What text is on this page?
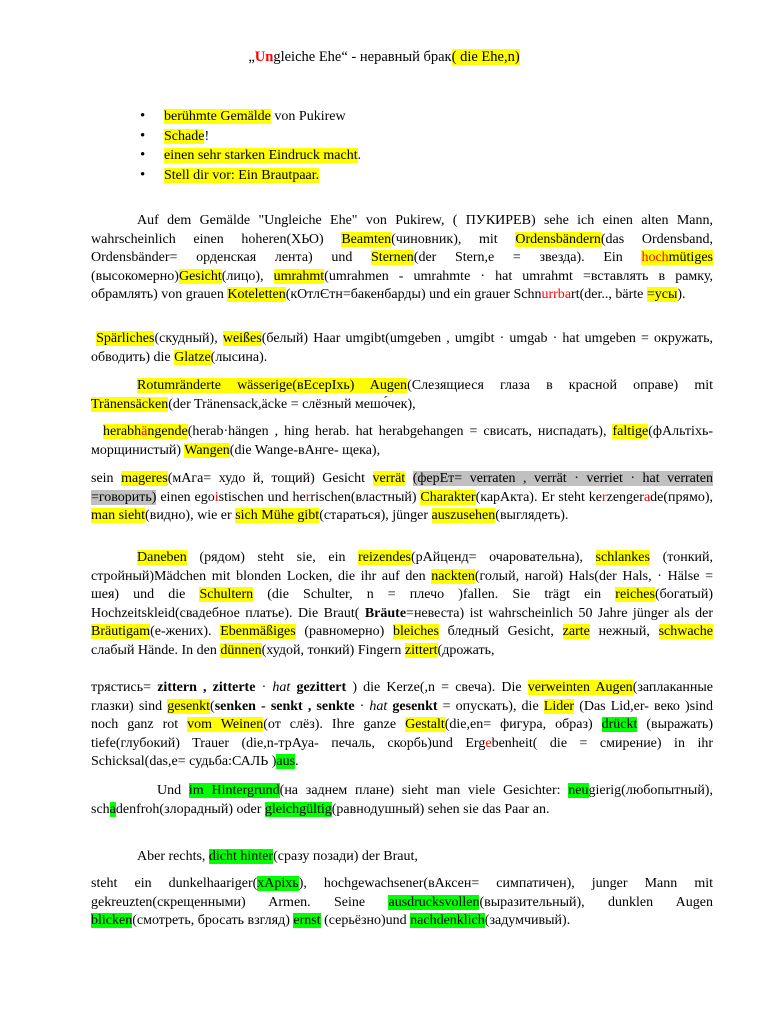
„Ungleiche Ehe“ - неравный брак( die Ehe,n)
• berühmte Gemälde von Pukirew
• Schade!
• einen sehr starken Eindruck macht.
• Stell dir vor: Ein Brautpaar.

Auf dem Gemälde "Ungleiche Ehe" von Pukirew, ( ПУКИРЕВ) sehe ich einen alten Mann, wahrscheinlich einen hoheren(ХЬО) Beamten(чиновник), mit Ordensbändern(das Ordensband, Ordensbänder= орденская лента) und Sternen(der Stern,e = звезда). Ein hochmütiges (высокомерно)Gesicht(лицо), umrahmt(umrahmen - umrahmte · hat umrahmt =вставлять в рамку, обрамлять) von grauen Koteletten(кОтлЄтн=бакенбарды) und ein grauer Schnurrbart(der.., bärte =усы).

Spärliches(скудный), weißes(белый) Haar umgibt(umgeben , umgibt · umgab · hat umgeben = окружать, обводить) die Glatze(лысина).

Rotumränderte wässerige(вЕсерIхь) Augen(Слезящиеся глаза в красной оправе) mit Tränensäcken(der Tränensack,äcke = слёзный мешо́чек),

herabhängende(herab·hängen , hing herab. hat herabgehangen = свисать, ниспадать), faltige(фАльтiхь-морщинистый) Wangen(die Wange-вАнге- щека),

sein mageres(мАга= худо й, тощий) Gesicht verrät (ферЕт= verraten , verrät · verriet · hat verraten =говорить) einen egoistischen und herrischen(властный) Charakter(карАкта). Er steht kerzengerade(прямо), man sieht(видно), wie er sich Mühe gibt(стараться), jünger auszusehen(выглядеть).

Daneben (рядом) steht sie, ein reizendes(рАйценд= очаровательна), schlankes (тонкий, стройный)Mädchen mit blonden Locken, die ihr auf den nackten(голый, нагой) Hals(der Hals, · Hälse = шея) und die Schultern (die Schulter, n = плечо )fallen. Sie trägt ein reiches(богатый) Hochzeitskleid(свадебное платье). Die Braut( Bräute=невеста) ist wahrscheinlich 50 Jahre jünger als der Bräutigam(е-жених). Ebenmäßiges (равномерно) bleiches бледный Gesicht, zarte нежный, schwache слабый Hände. In den dünnen(худой, тонкий) Fingern zittert(дрожать,

трястись= zittern , zitterte · hat gezittert ) die Kerze(,n = свеча). Die verweinten Augen(заплаканные глазки) sind gesenkt(senken - senkt , senkte · hat gesenkt = опускать), die Lider (Das Lid,er- веко )sind noch ganz rot vom Weinen(от слёз). Ihre ganze Gestalt(die,en= фигура, образ) drückt (выражать) tiefe(глубокий) Trauer (die,n-трАуа- печаль, скорбь)und Ergebenheit( die = смирение) in ihr Schicksal(das,e= судьба:САЛЬ )aus.

Und im Hintergrund(на заднем плане) sieht man viele Gesichter: neugierig(любопытный), schadenfroh(злорадный) oder gleichgültig(равнодушный) sehen sie das Paar an.

Aber rechts, dicht hinter(сразу позади) der Braut,

steht ein dunkelhaariger(хАрiхь), hochgewachsener(вАксен= симпатичен), junger Mann mit gekreuzten(скрещенными) Armen. Seine ausdrucksvollen(выразительный), dunklen Augen blicken(смотреть, бросать взгляд) ernst (серьёзно)und nachdenklich(задумчивый).
